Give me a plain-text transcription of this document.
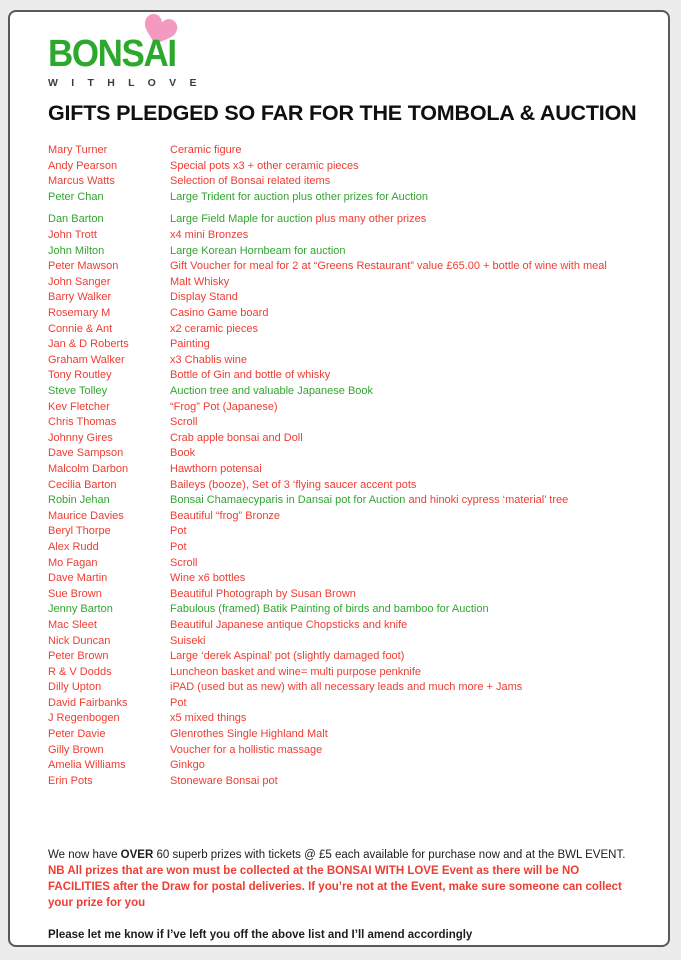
BONSAI
W I T H L O V E
GIFTS PLEDGED SO FAR FOR THE TOMBOLA & AUCTION
Mary Turner	Ceramic figure
Andy Pearson	Special pots x3 + other ceramic pieces
Marcus Watts	Selection of Bonsai related items
Peter Chan	Large Trident for auction plus other prizes for Auction
Dan Barton	Large Field Maple for auction plus many other prizes
John Trott	x4 mini Bronzes
John Milton	Large Korean Hornbeam for auction
Peter Mawson	Gift Voucher for meal for 2 at “Greens Restaurant” value £65.00 + bottle of wine with meal
John Sanger	Malt Whisky
Barry Walker	Display Stand
Rosemary M	Casino Game board
Connie & Ant	x2 ceramic pieces
Jan & D Roberts	Painting
Graham Walker	x3 Chablis wine
Tony Routley	Bottle of Gin and bottle of whisky
Steve Tolley	Auction tree and valuable Japanese Book
Kev Fletcher	“Frog” Pot (Japanese)
Chris Thomas	Scroll
Johnny Gires	Crab apple bonsai and Doll
Dave Sampson	Book
Malcolm Darbon	Hawthorn potensai
Cecilia Barton	Baileys (booze), Set of 3 ‘flying saucer accent pots
Robin Jehan	Bonsai Chamaecyparis in Dansai pot for Auction and hinoki cypress ‘material’ tree
Maurice Davies	Beautiful “frog” Bronze
Beryl Thorpe	Pot
Alex Rudd	Pot
Mo Fagan	Scroll
Dave Martin	Wine x6 bottles
Sue Brown	Beautiful Photograph by Susan Brown
Jenny Barton	Fabulous (framed) Batik Painting of birds and bamboo for Auction
Mac Sleet	Beautiful Japanese antique Chopsticks and knife
Nick Duncan	Suiseki
Peter Brown	Large ‘derek Aspinal’ pot (slightly damaged foot)
R & V Dodds	Luncheon basket and wine= multi purpose penknife
Dilly Upton	iPAD (used but as new) with all necessary leads and much more + Jams
David Fairbanks	Pot
J Regenbogen	x5 mixed things
Peter Davie	Glenrothes Single Highland Malt
Gilly Brown	Voucher for a hollistic massage
Amelia Williams	Ginkgo
Erin Pots	Stoneware Bonsai pot

We now have OVER 60 superb prizes with tickets @ £5 each available for purchase now and at the BWL EVENT.

NB All prizes that are won must be collected at the BONSAI WITH LOVE Event as there will be NO FACILITIES after the Draw for postal deliveries. If you’re not at the Event, make sure someone can collect your prize for you

Please let me know if I’ve left you off the above list and I’ll amend accordingly
